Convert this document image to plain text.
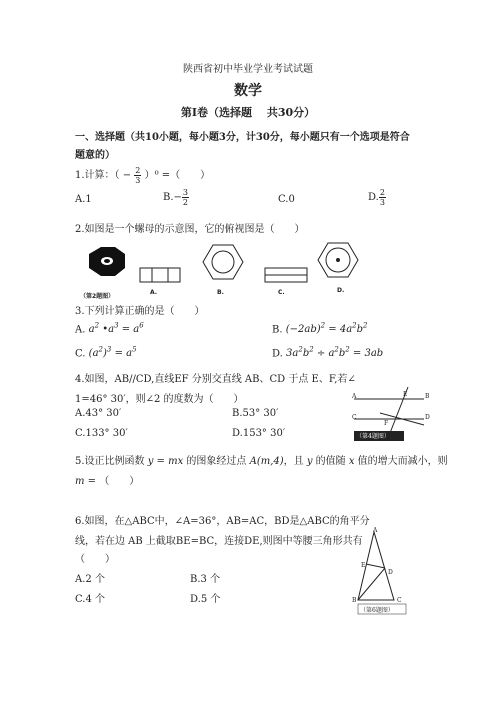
陕西省初中毕业学业考试试题
数学
第Ⅰ卷（选择题　 共30分）
一、选择题（共10小题，每小题3分，计30分，每小题只有一个选项是符合
题意的）
1.计算：（ − $\frac{2}{3} )^0$ =（　　）
A.1	$B.- \frac{3}{2}$	C.0	D. $\frac{2}{3}$
2.如图是一个螺母的示意图，它的俯视图是（　　）
（第2题图）
A.	B.	C.	D.
3.下列计算正确的是（　　）
A. $a^2$ $•a^3 = a^6$	B. $(-2ab)^2 = 4a^2b^2$
C. $(a^2)^3 = a^5$	D. $3a^2b^2 \div a^2b^2 = 3ab$
4.如图，AB//CD,直线EF 分别交直线 AB、CD 于点 E、F,若∠
1=46° 30′，则∠2 的度数为（　　）
A.43° 30′	B.53° 30′
C.133° 30′	D.153° 30′
A	B
C	D
E
F
（第4题图）
5.设正比例函数 y = mx 的图象经过点 A(m,4)，且 y 的值随 x 值的增大而减小，则
m = （　　）
6.如图，在△ABC中，∠A=36°，AB=AC，BD是△ABC的角平分
线，若在边 AB 上截取BE=BC，连接DE,则图中等腰三角形共有
（　　）
A.2 个	B.3 个
C.4 个	D.5 个
A
B	C
D
E
（第6题图）
